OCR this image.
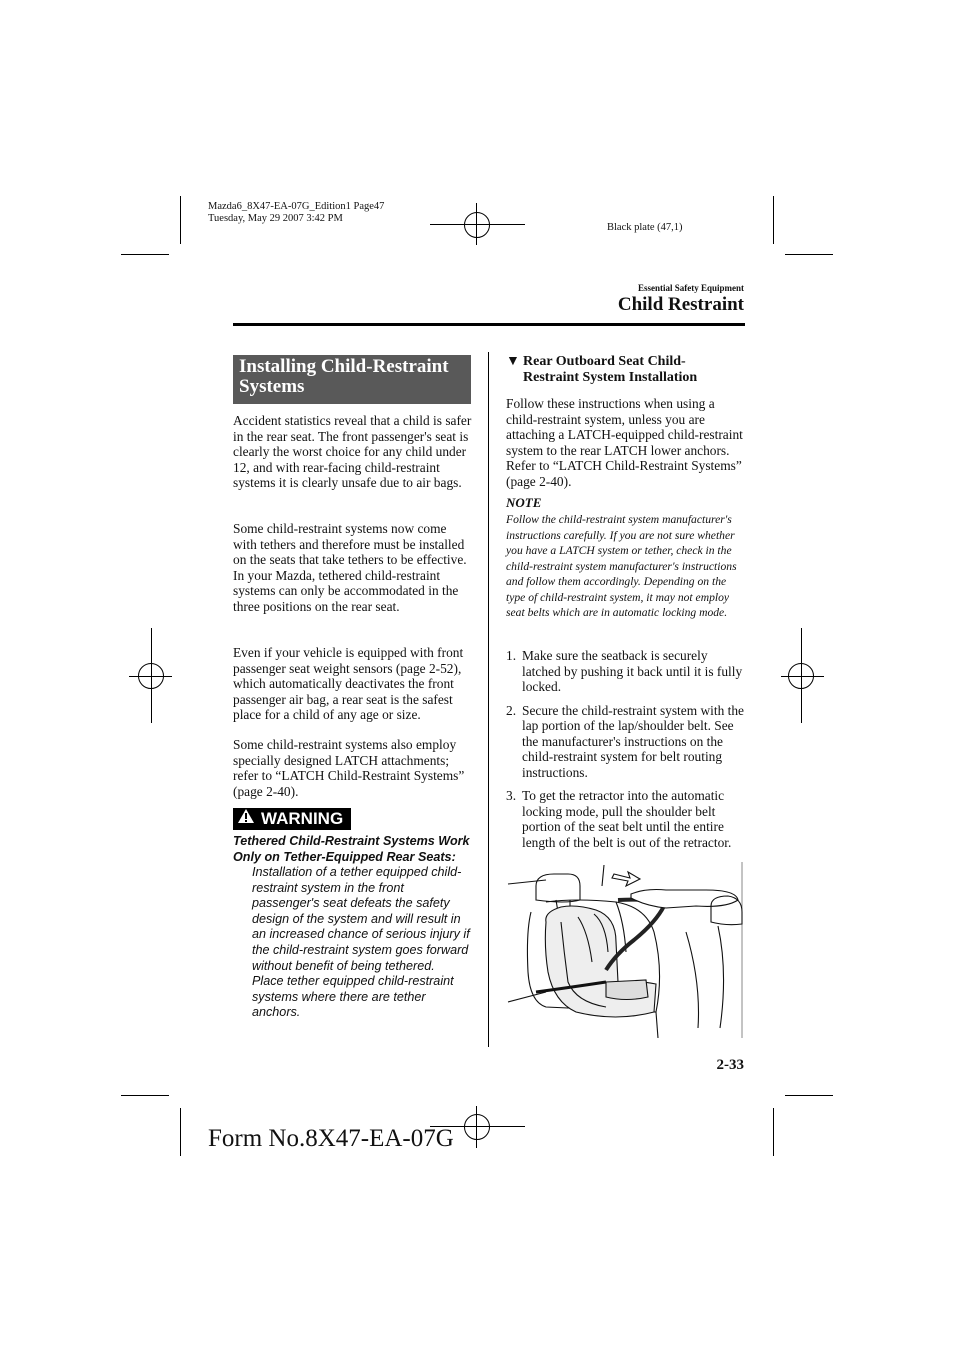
Mazda6_8X47-EA-07G_Edition1 Page47
Tuesday, May 29 2007 3:42 PM
Black plate (47,1)
Essential Safety Equipment
Child Restraint
Installing Child-Restraint
Systems
Accident statistics reveal that a child is safer in the rear seat. The front passenger's seat is clearly the worst choice for any child under 12, and with rear-facing child-restraint systems it is clearly unsafe due to air bags.
Some child-restraint systems now come with tethers and therefore must be installed on the seats that take tethers to be effective. In your Mazda, tethered child-restraint systems can only be accommodated in the three positions on the rear seat.
Even if your vehicle is equipped with front passenger seat weight sensors (page 2-52), which automatically deactivates the front passenger air bag, a rear seat is the safest place for a child of any age or size.
Some child-restraint systems also employ specially designed LATCH attachments; refer to “LATCH Child-Restraint Systems” (page 2-40).
WARNING
Tethered Child-Restraint Systems Work Only on Tether-Equipped Rear Seats:
Installation of a tether equipped child-restraint system in the front passenger's seat defeats the safety design of the system and will result in an increased chance of serious injury if the child-restraint system goes forward without benefit of being tethered.
Place tether equipped child-restraint systems where there are tether anchors.
▼ Rear Outboard Seat Child-
Restraint System Installation
Follow these instructions when using a child-restraint system, unless you are attaching a LATCH-equipped child-restraint system to the rear LATCH lower anchors. Refer to “LATCH Child-Restraint Systems” (page 2-40).
NOTE
Follow the child-restraint system manufacturer's instructions carefully. If you are not sure whether you have a LATCH system or tether, check in the child-restraint system manufacturer's instructions and follow them accordingly. Depending on the type of child-restraint system, it may not employ seat belts which are in automatic locking mode.
1. Make sure the seatback is securely latched by pushing it back until it is fully locked.
2. Secure the child-restraint system with the lap portion of the lap/shoulder belt. See the manufacturer's instructions on the child-restraint system for belt routing instructions.
3. To get the retractor into the automatic locking mode, pull the shoulder belt portion of the seat belt until the entire length of the belt is out of the retractor.
2-33
Form No.8X47-EA-07G
